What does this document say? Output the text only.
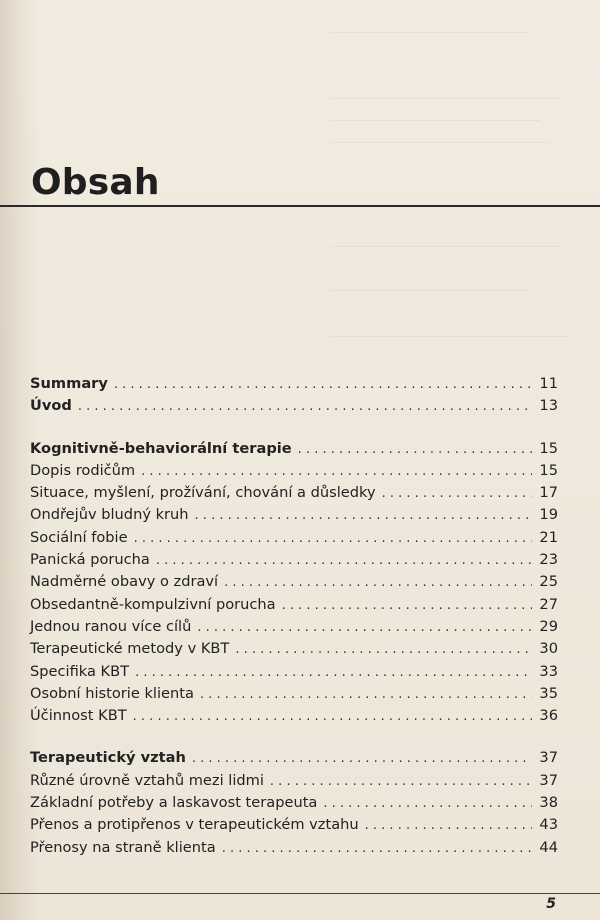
Obsah
Summary . . .	11
Úvod . . .	13
Kognitivně-behaviorální terapie . . .	15
Dopis rodičům . . .	15
Situace, myšlení, prožívání, chování a důsledky . . .	17
Ondřejův bludný kruh . . .	19
Sociální fobie . . .	21
Panická porucha . . .	23
Nadměrné obavy o zdraví . . .	25
Obsedantně-kompulzivní porucha . . .	27
Jednou ranou více cílů . . .	29
Terapeutické metody v KBT . . .	30
Specifika KBT . . .	33
Osobní historie klienta . . .	35
Účinnost KBT . . .	36
Terapeutický vztah . . .	37
Různé úrovně vztahů mezi lidmi . . .	37
Základní potřeby a laskavost terapeuta . . .	38
Přenos a protipřenos v terapeutickém vztahu . . .	43
Přenosy na straně klienta . . .	44
5
